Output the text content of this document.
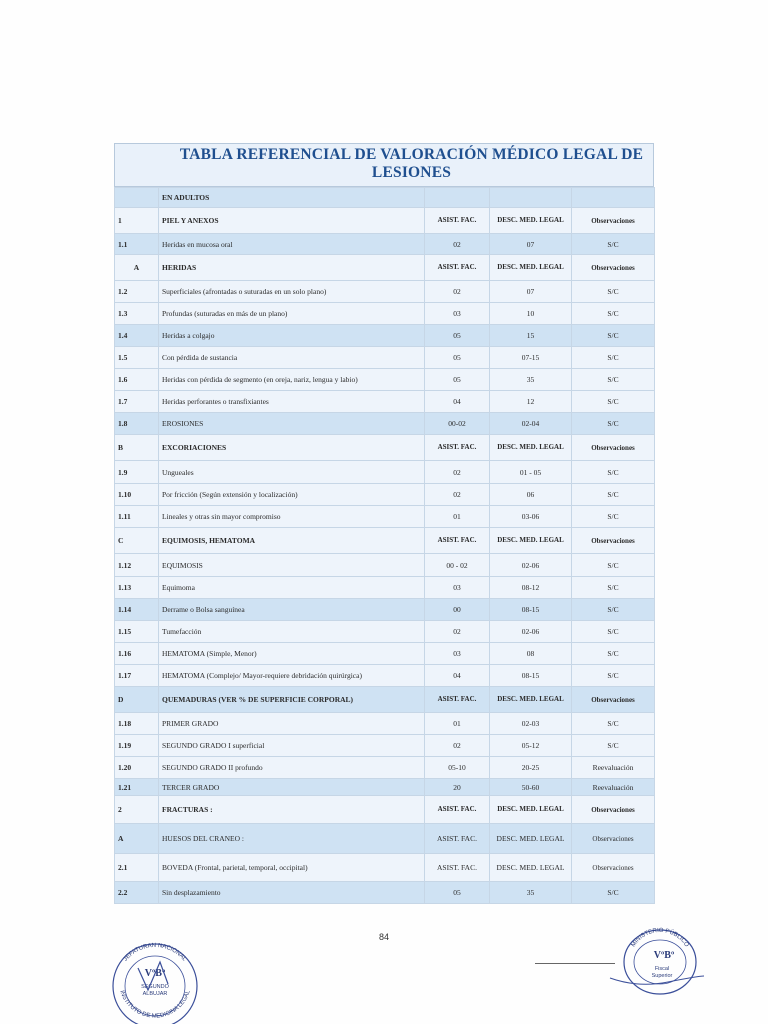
TABLA REFERENCIAL DE VALORACIÓN MÉDICO LEGAL DE LESIONES
	EN ADULTOS			
1	PIEL Y ANEXOS	ASIST. FAC.	DESC. MED. LEGAL	Observaciones
1.1	Heridas en mucosa oral	02	07	S/C
A	HERIDAS	ASIST. FAC.	DESC. MED. LEGAL	Observaciones
1.2	Superficiales (afrontadas o suturadas en un solo plano)	02	07	S/C
1.3	Profundas (suturadas en más de un plano)	03	10	S/C
1.4	Heridas a colgajo	05	15	S/C
1.5	Con pérdida de sustancia	05	07-15	S/C
1.6	Heridas con pérdida de segmento (en oreja, nariz, lengua y labio)	05	35	S/C
1.7	Heridas perforantes o transfixiantes	04	12	S/C
1.8	EROSIONES	00-02	02-04	S/C
B	EXCORIACIONES	ASIST. FAC.	DESC. MED. LEGAL	Observaciones
1.9	Ungueales	02	01 - 05	S/C
1.10	Por fricción (Según extensión y localización)	02	06	S/C
1.11	Lineales y otras sin mayor compromiso	01	03-06	S/C
C	EQUIMOSIS, HEMATOMA	ASIST. FAC.	DESC. MED. LEGAL	Observaciones
1.12	EQUIMOSIS	00 - 02	02-06	S/C
1.13	Equimoma	03	08-12	S/C
1.14	Derrame o Bolsa sanguínea	00	08-15	S/C
1.15	Tumefacción	02	02-06	S/C
1.16	HEMATOMA (Simple, Menor)	03	08	S/C
1.17	HEMATOMA (Complejo/ Mayor-requiere debridación quirúrgica)	04	08-15	S/C
D	QUEMADURAS (VER % DE SUPERFICIE CORPORAL)	ASIST. FAC.	DESC. MED. LEGAL	Observaciones
1.18	PRIMER GRADO	01	02-03	S/C
1.19	SEGUNDO GRADO I superficial	02	05-12	S/C
1.20	SEGUNDO GRADO II profundo	05-10	20-25	Reevaluación
1.21	TERCER GRADO	20	50-60	Reevaluación
2	FRACTURAS :	ASIST. FAC.	DESC. MED. LEGAL	Observaciones
A	HUESOS DEL CRANEO :	ASIST. FAC.	DESC. MED. LEGAL	Observaciones
2.1	BOVEDA (Frontal, parietal, temporal, occipital)	ASIST. FAC.	DESC. MED. LEGAL	Observaciones
2.2	Sin desplazamiento	05	35	S/C
84
JEFATURAN NACIONAL
INSTITUTO DE MEDICINA LEGAL
VºBº
SEGUNDO
ALBUJAR
MINISTERIO PÚBLICO
VºBº
Fiscal
Superior
